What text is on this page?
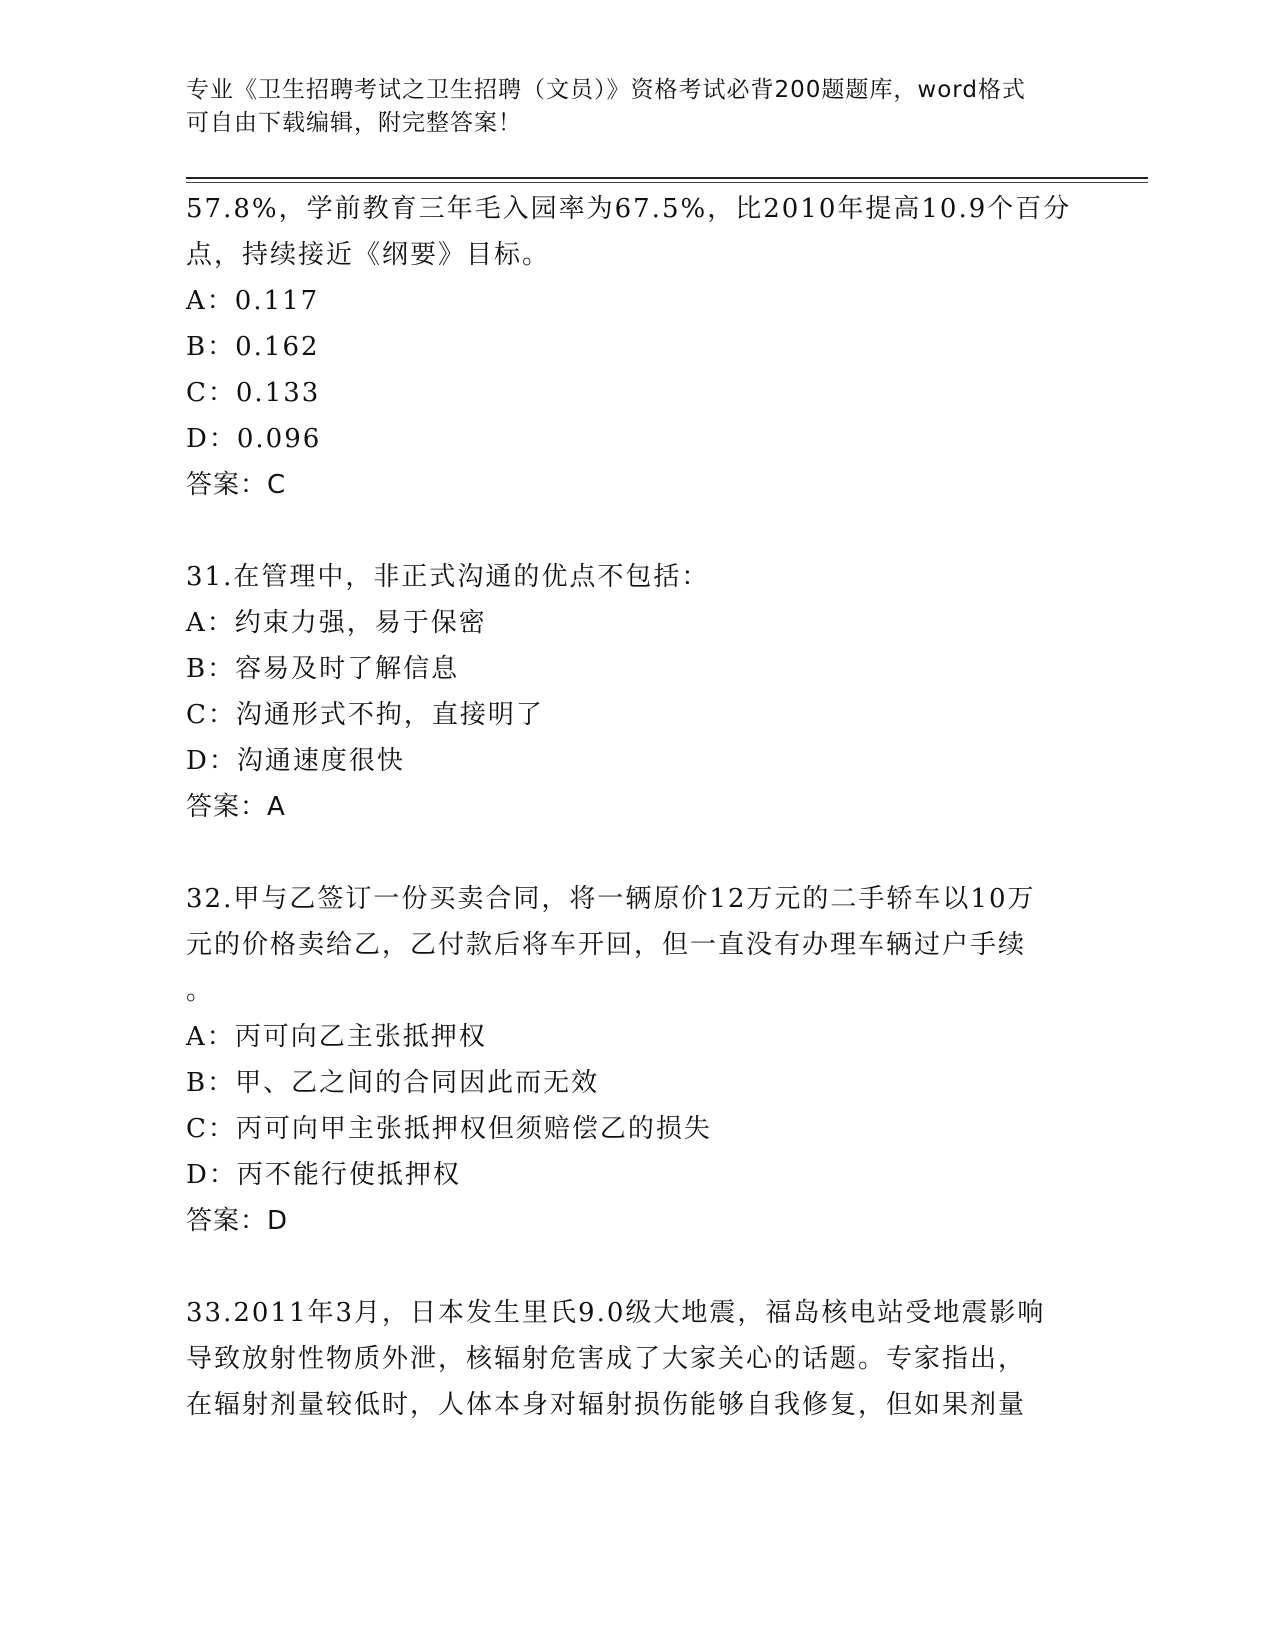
专业《卫生招聘考试之卫生招聘（文员）》资格考试必背200题题库，word格式
可自由下载编辑，附完整答案！
57.8%，学前教育三年毛入园率为67.5%，比2010年提高10.9个百分
点，持续接近《纲要》目标。
A：0.117
B：0.162
C：0.133
D：0.096
答案：C
31.在管理中，非正式沟通的优点不包括：
A：约束力强，易于保密
B：容易及时了解信息
C：沟通形式不拘，直接明了
D：沟通速度很快
答案：A
32.甲与乙签订一份买卖合同，将一辆原价12万元的二手轿车以10万
元的价格卖给乙，乙付款后将车开回，但一直没有办理车辆过户手续
。
A：丙可向乙主张抵押权
B：甲、乙之间的合同因此而无效
C：丙可向甲主张抵押权但须赔偿乙的损失
D：丙不能行使抵押权
答案：D
33.2011年3月，日本发生里氏9.0级大地震，福岛核电站受地震影响
导致放射性物质外泄，核辐射危害成了大家关心的话题。专家指出，
在辐射剂量较低时，人体本身对辐射损伤能够自我修复，但如果剂量
